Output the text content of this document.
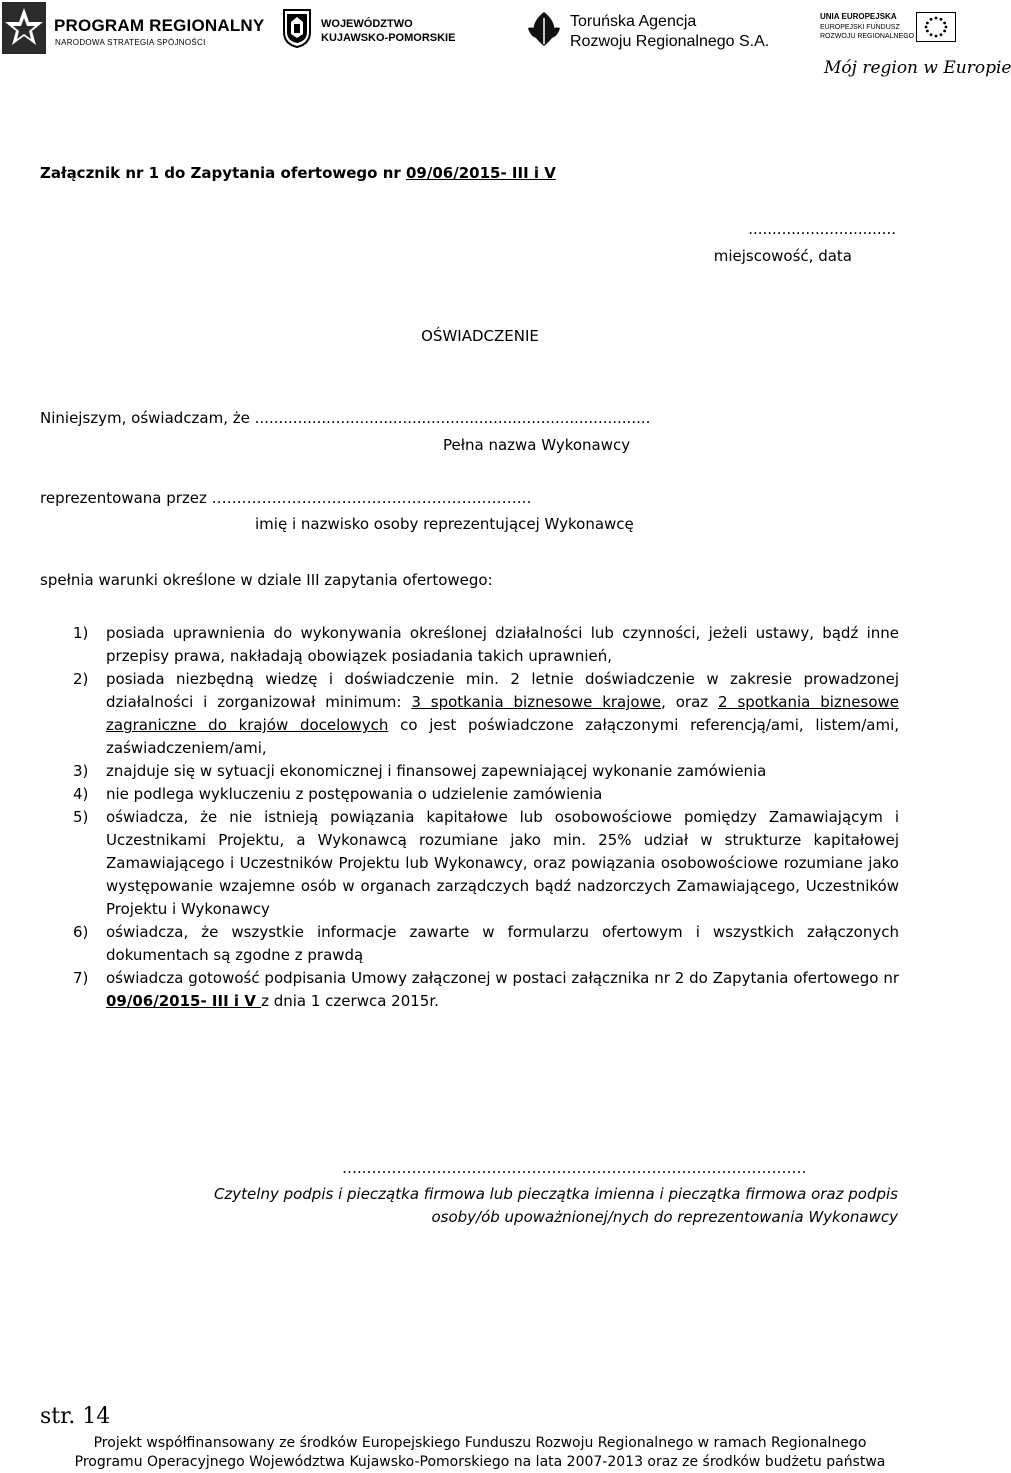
PROGRAM REGIONALNY
NARODOWA STRATEGIA SPÓJNOŚCI
WOJEWÓDZTWO
KUJAWSKO-POMORSKIE
Toruńska Agencja
Rozwoju Regionalnego S.A.
UNIA EUROPEJSKA
EUROPEJSKI FUNDUSZ
ROZWOJU REGIONALNEGO
Mój region w Europie
Załącznik nr 1 do Zapytania ofertowego nr 09/06/2015- III i V
...............................
miejscowość, data
OŚWIADCZENIE
Niniejszym, oświadczam, że ...................................................................................
Pełna nazwa Wykonawcy
reprezentowana przez ……………………………………………………….
imię i nazwisko osoby reprezentującej Wykonawcę
spełnia warunki określone w dziale III zapytania ofertowego:
1) posiada uprawnienia do wykonywania określonej działalności lub czynności, jeżeli ustawy, bądź inne przepisy prawa, nakładają obowiązek posiadania takich uprawnień,
2) posiada niezbędną wiedzę i doświadczenie min. 2 letnie doświadczenie w zakresie prowadzonej działalności i zorganizował minimum: 3 spotkania biznesowe krajowe, oraz 2 spotkania biznesowe zagraniczne do krajów docelowych co jest poświadczone załączonymi referencją/ami, listem/ami, zaświadczeniem/ami,
3) znajduje się w sytuacji ekonomicznej i finansowej zapewniającej wykonanie zamówienia
4) nie podlega wykluczeniu z postępowania o udzielenie zamówienia
5) oświadcza, że nie istnieją powiązania kapitałowe lub osobowościowe pomiędzy Zamawiającym i Uczestnikami Projektu, a Wykonawcą rozumiane jako min. 25% udział w strukturze kapitałowej Zamawiającego i Uczestników Projektu lub Wykonawcy, oraz powiązania osobowościowe rozumiane jako występowanie wzajemne osób w organach zarządczych bądź nadzorczych Zamawiającego, Uczestników Projektu i Wykonawcy
6) oświadcza, że wszystkie informacje zawarte w formularzu ofertowym i wszystkich załączonych dokumentach są zgodne z prawdą
7) oświadcza gotowość podpisania Umowy załączonej w postaci załącznika nr 2 do Zapytania ofertowego nr 09/06/2015- III i V z dnia 1 czerwca 2015r.
…..…………………………………………………………………………….
Czytelny podpis i pieczątka firmowa lub pieczątka imienna i pieczątka firmowa oraz podpis
osoby/ób upoważnionej/nych do reprezentowania Wykonawcy
str. 14
Projekt współfinansowany ze środków Europejskiego Funduszu Rozwoju Regionalnego w ramach Regionalnego
Programu Operacyjnego Województwa Kujawsko-Pomorskiego na lata 2007-2013 oraz ze środków budżetu państwa
